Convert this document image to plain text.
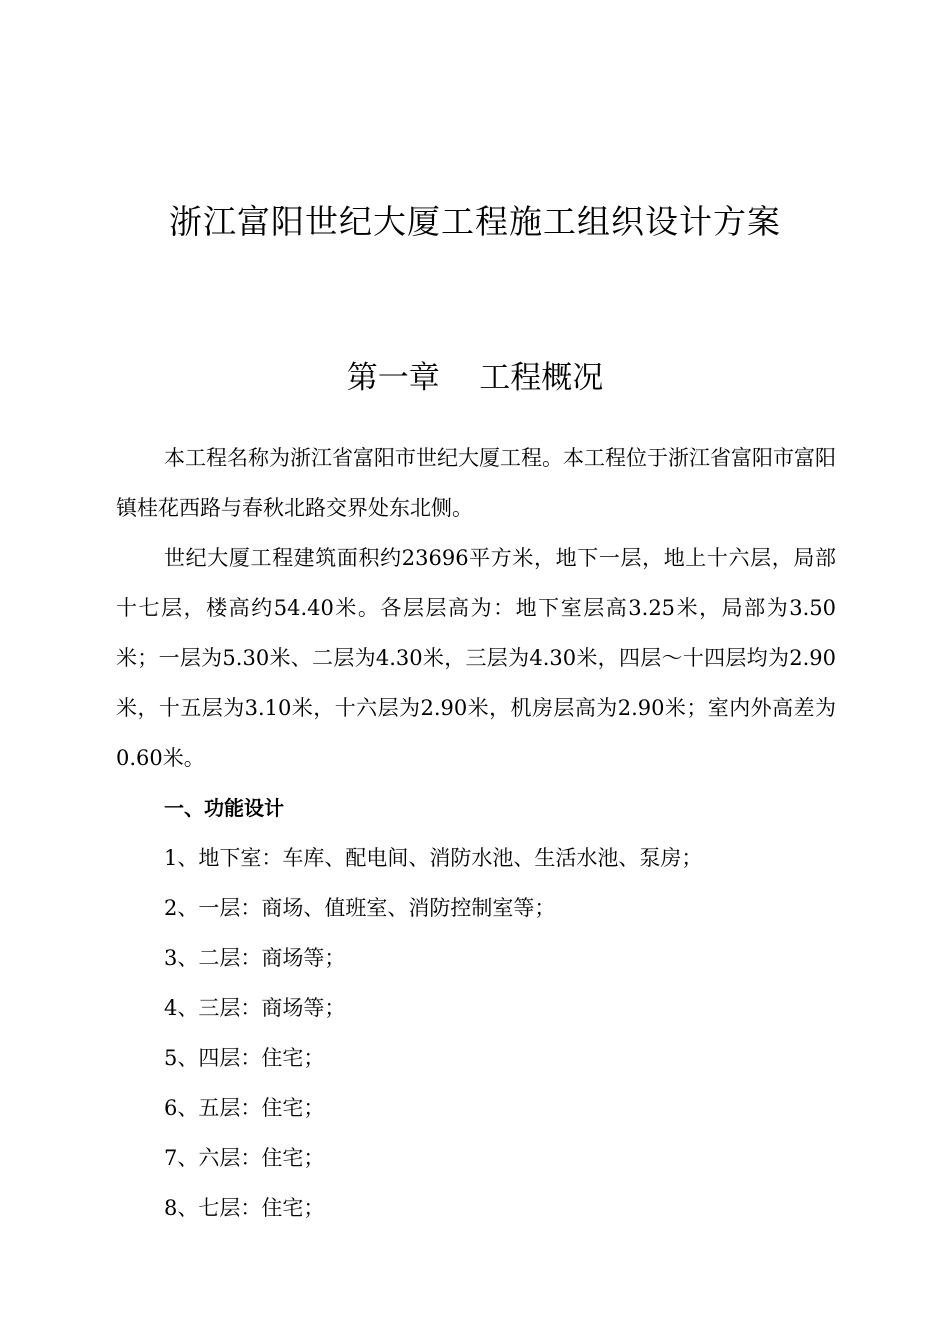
浙江富阳世纪大厦工程施工组织设计方案
第一章    工程概况

本工程名称为浙江省富阳市世纪大厦工程。本工程位于浙江省富阳市富阳镇桂花西路与春秋北路交界处东北侧。

世纪大厦工程建筑面积约23696平方米，地下一层，地上十六层，局部十七层，楼高约54.40米。各层层高为：地下室层高3.25米，局部为3.50米；一层为5.30米、二层为4.30米，三层为4.30米，四层～十四层均为2.90米，十五层为3.10米，十六层为2.90米，机房层高为2.90米；室内外高差为0.60米。

一、功能设计

1、地下室：车库、配电间、消防水池、生活水池、泵房；

2、一层：商场、值班室、消防控制室等；

3、二层：商场等；

4、三层：商场等；

5、四层：住宅；

6、五层：住宅；

7、六层：住宅；

8、七层：住宅；
